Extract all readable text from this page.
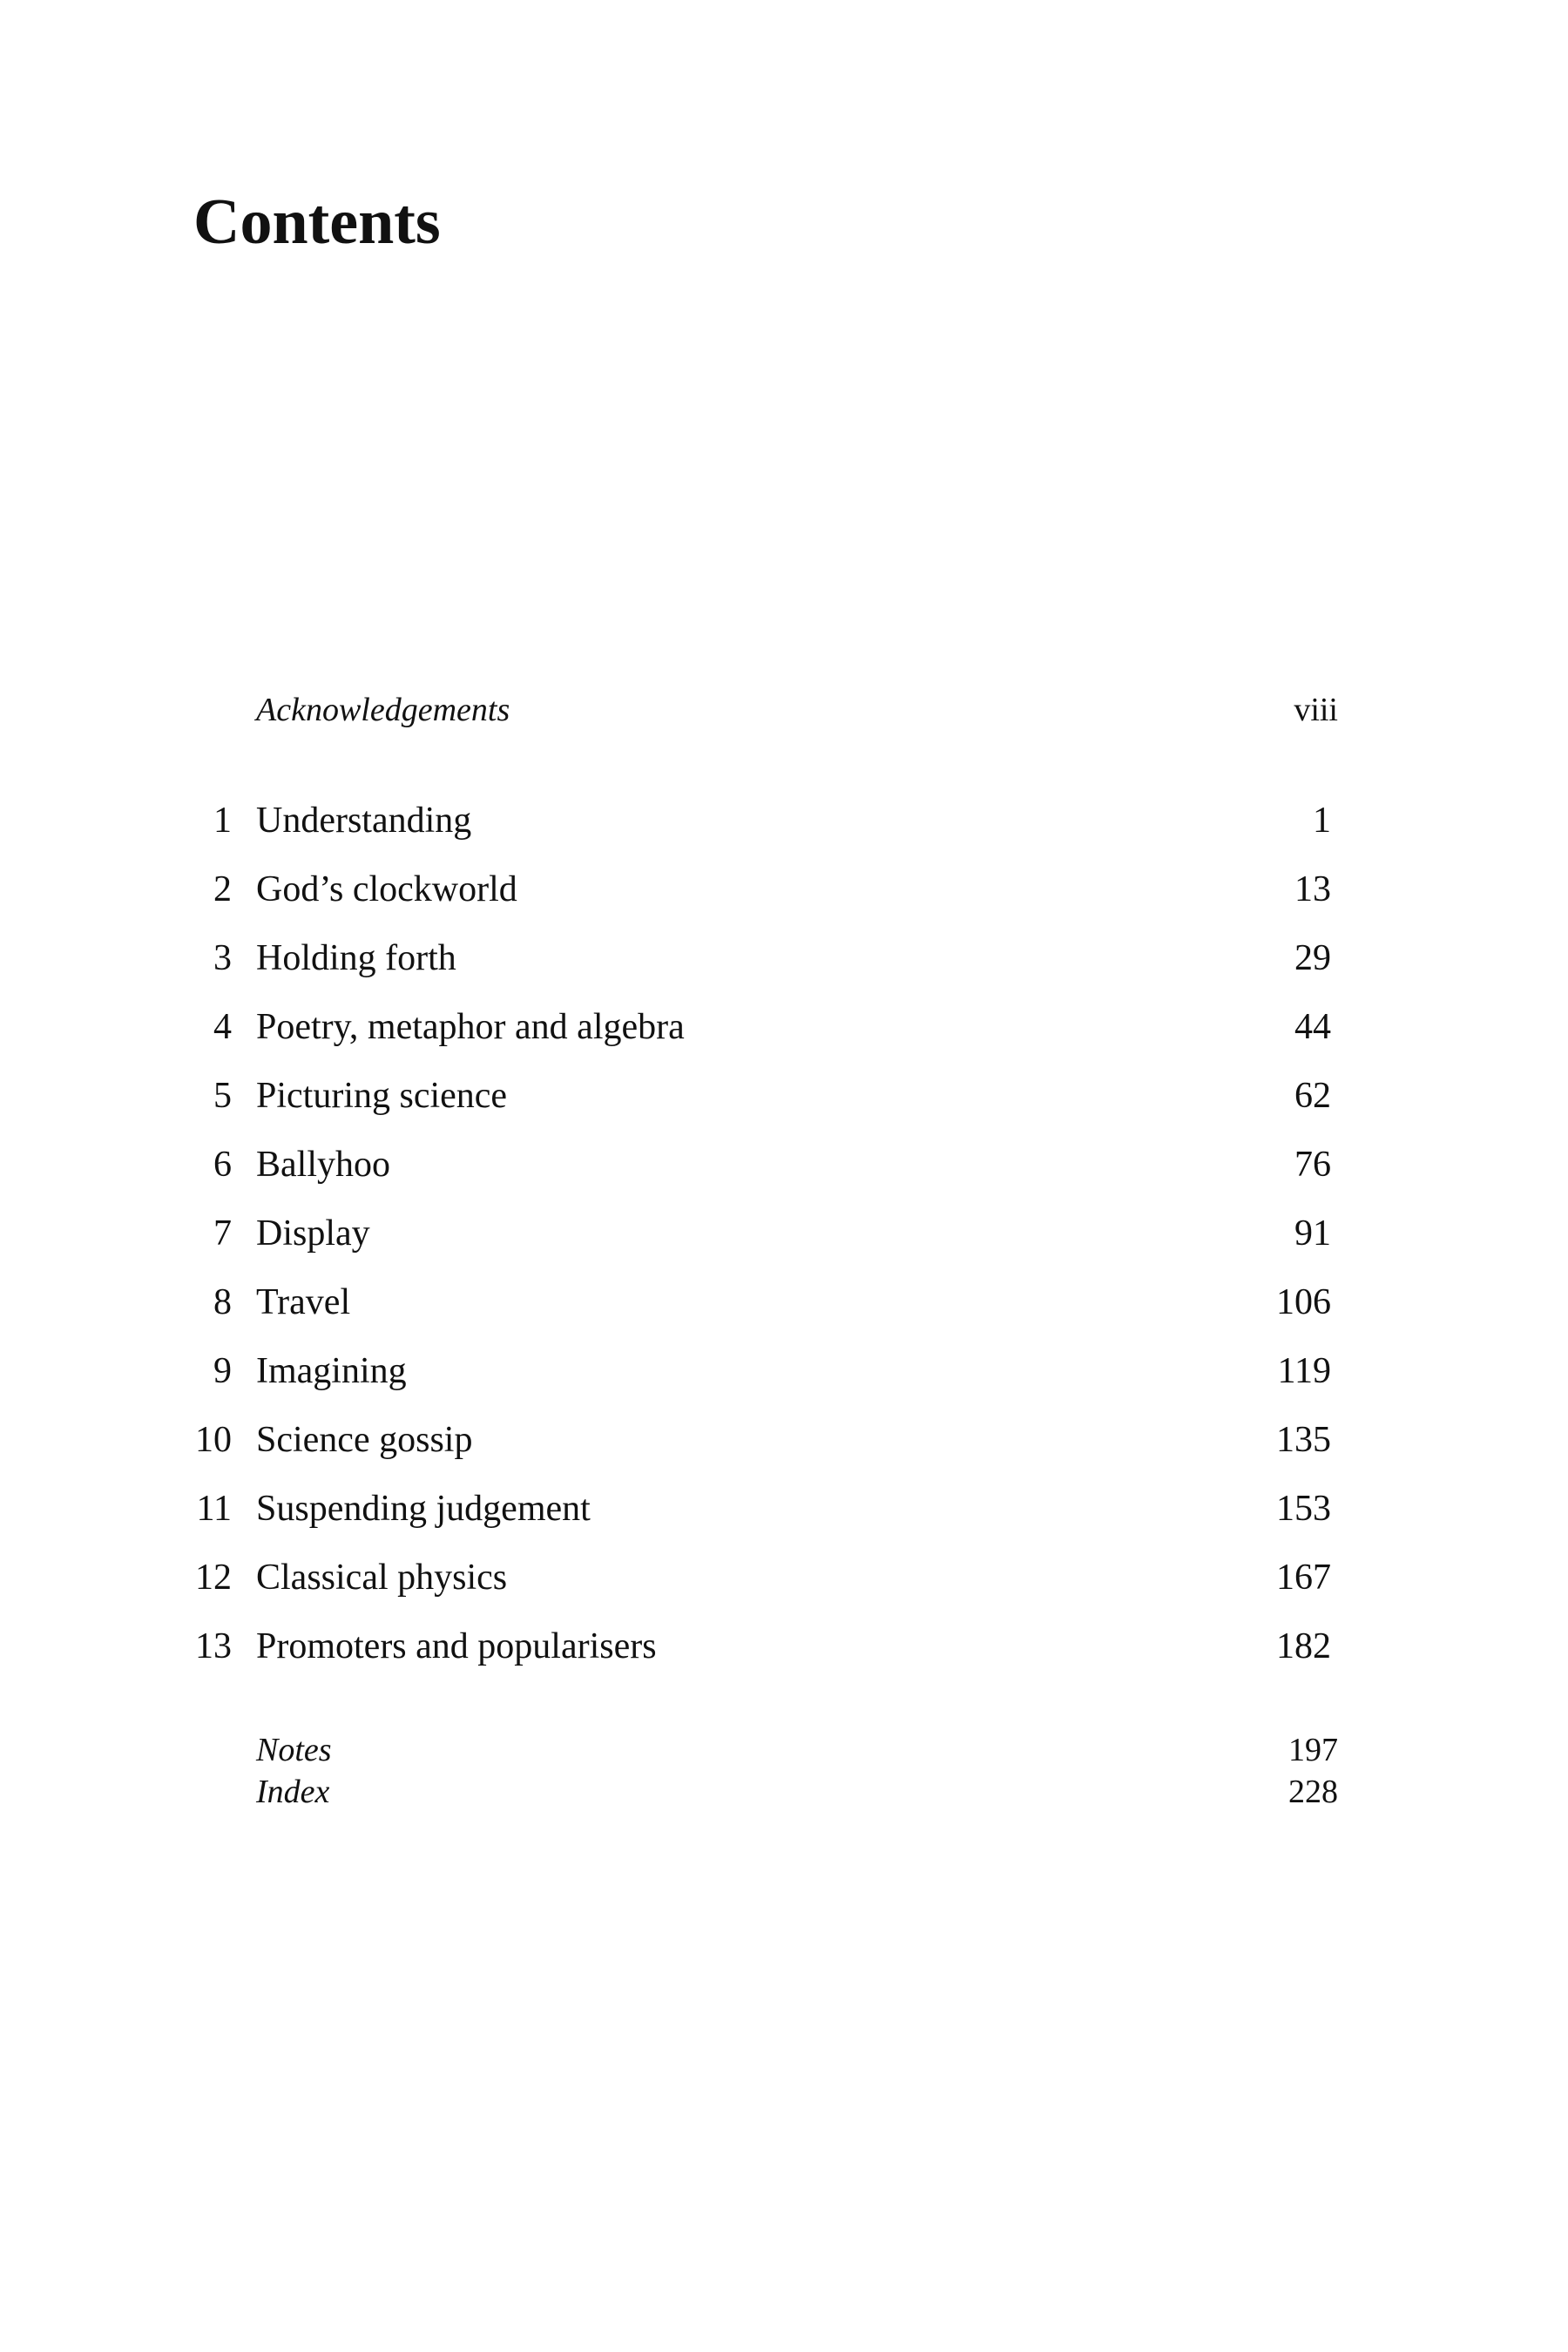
Contents
Acknowledgements	viii
1 Understanding	1
2 God’s clockworld	13
3 Holding forth	29
4 Poetry, metaphor and algebra	44
5 Picturing science	62
6 Ballyhoo	76
7 Display	91
8 Travel	106
9 Imagining	119
10 Science gossip	135
11 Suspending judgement	153
12 Classical physics	167
13 Promoters and popularisers	182
Notes	197
Index	228
